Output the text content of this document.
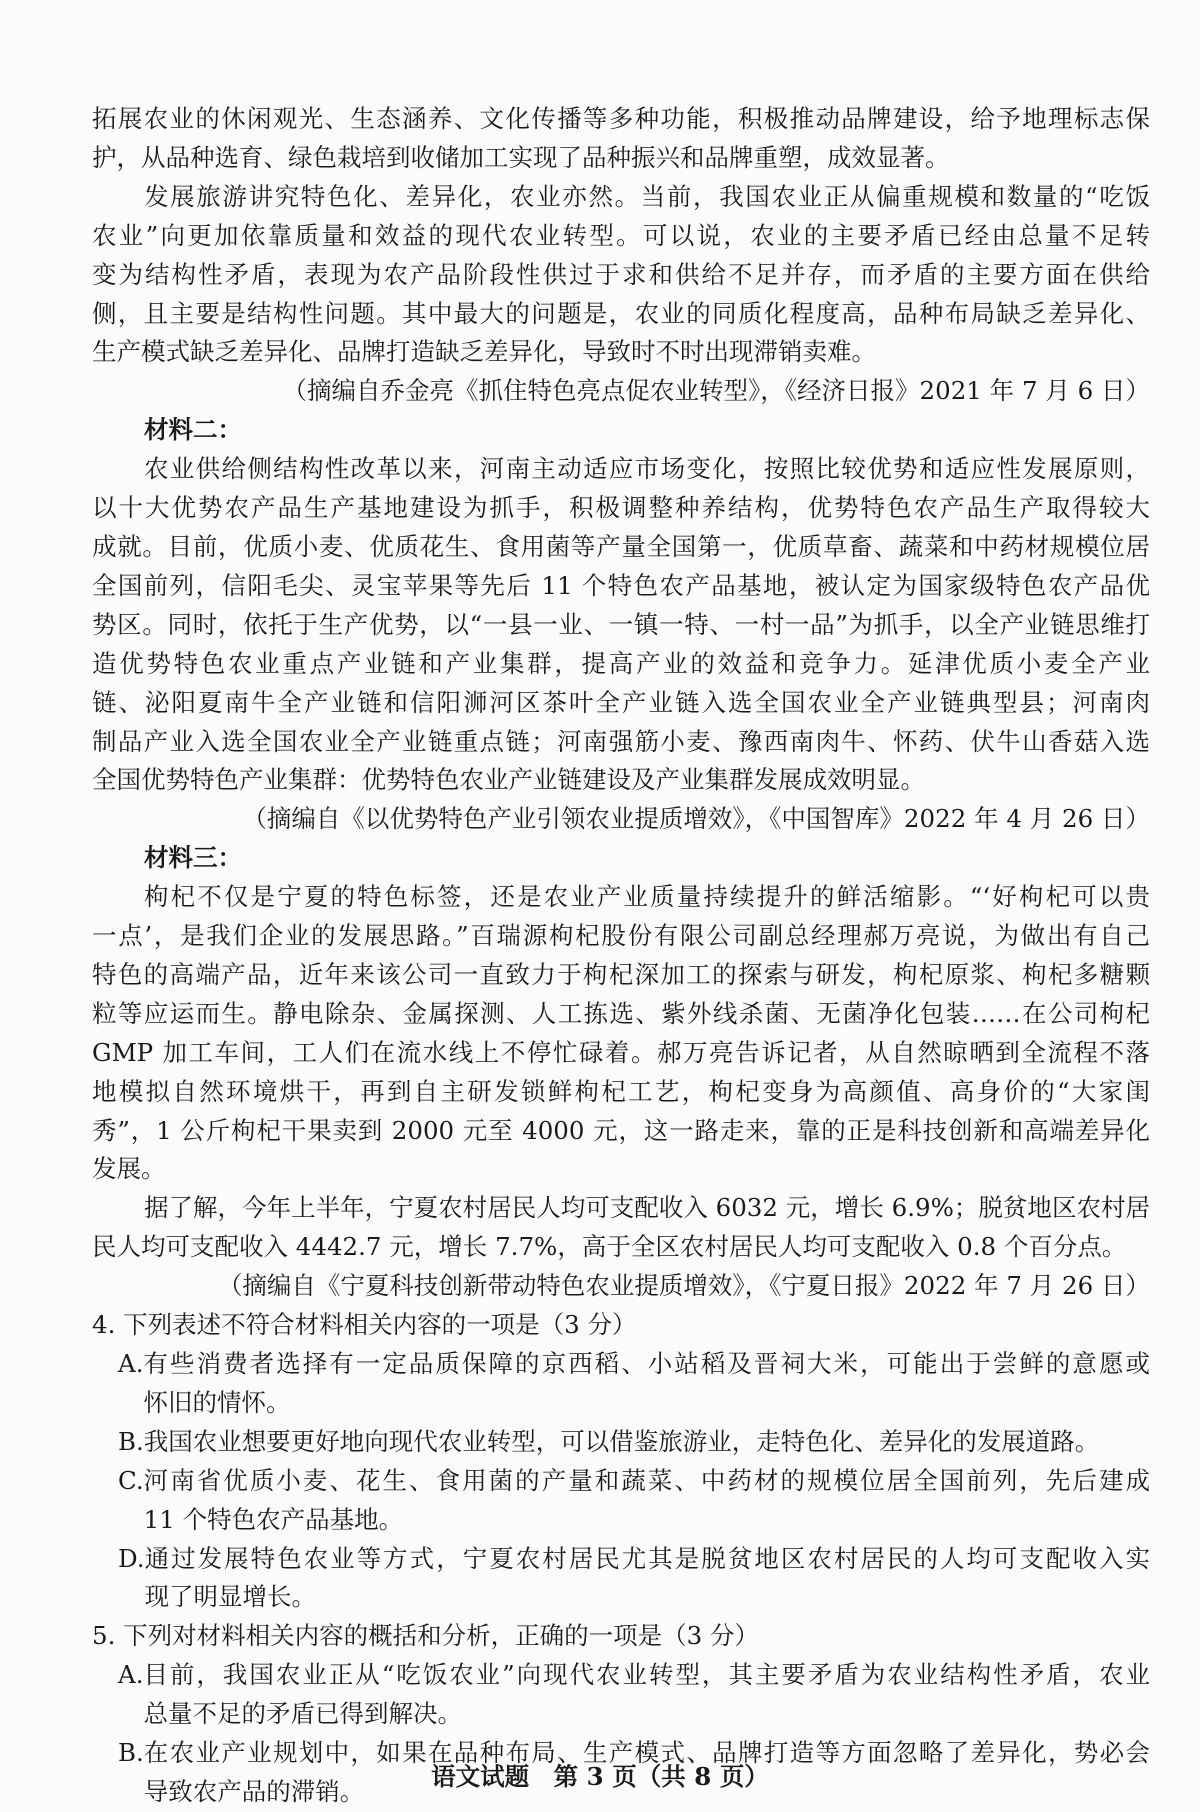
拓展农业的休闲观光、生态涵养、文化传播等多种功能，积极推动品牌建设，给予地理标志保

护，从品种选育、绿色栽培到收储加工实现了品种振兴和品牌重塑，成效显著。

发展旅游讲究特色化、差异化，农业亦然。当前，我国农业正从偏重规模和数量的“吃饭

农业”向更加依靠质量和效益的现代农业转型。可以说，农业的主要矛盾已经由总量不足转

变为结构性矛盾，表现为农产品阶段性供过于求和供给不足并存，而矛盾的主要方面在供给

侧，且主要是结构性问题。其中最大的问题是，农业的同质化程度高，品种布局缺乏差异化、

生产模式缺乏差异化、品牌打造缺乏差异化，导致时不时出现滞销卖难。

（摘编自乔金亮《抓住特色亮点促农业转型》，《经济日报》2021 年 7 月 6 日）

材料二：

农业供给侧结构性改革以来，河南主动适应市场变化，按照比较优势和适应性发展原则，

以十大优势农产品生产基地建设为抓手，积极调整种养结构，优势特色农产品生产取得较大

成就。目前，优质小麦、优质花生、食用菌等产量全国第一，优质草畜、蔬菜和中药材规模位居

全国前列，信阳毛尖、灵宝苹果等先后 11 个特色农产品基地，被认定为国家级特色农产品优

势区。同时，依托于生产优势，以“一县一业、一镇一特、一村一品”为抓手，以全产业链思维打

造优势特色农业重点产业链和产业集群，提高产业的效益和竞争力。延津优质小麦全产业

链、泌阳夏南牛全产业链和信阳浉河区茶叶全产业链入选全国农业全产业链典型县；河南肉

制品产业入选全国农业全产业链重点链；河南强筋小麦、豫西南肉牛、怀药、伏牛山香菇入选

全国优势特色产业集群：优势特色农业产业链建设及产业集群发展成效明显。

（摘编自《以优势特色产业引领农业提质增效》，《中国智库》2022 年 4 月 26 日）

材料三：

枸杞不仅是宁夏的特色标签，还是农业产业质量持续提升的鲜活缩影。“‘好枸杞可以贵

一点’，是我们企业的发展思路。”百瑞源枸杞股份有限公司副总经理郝万亮说，为做出有自己

特色的高端产品，近年来该公司一直致力于枸杞深加工的探索与研发，枸杞原浆、枸杞多糖颗

粒等应运而生。静电除杂、金属探测、人工拣选、紫外线杀菌、无菌净化包装……在公司枸杞

GMP 加工车间，工人们在流水线上不停忙碌着。郝万亮告诉记者，从自然晾晒到全流程不落

地模拟自然环境烘干，再到自主研发锁鲜枸杞工艺，枸杞变身为高颜值、高身价的“大家闺

秀”，1 公斤枸杞干果卖到 2000 元至 4000 元，这一路走来，靠的正是科技创新和高端差异化

发展。

据了解，今年上半年，宁夏农村居民人均可支配收入 6032 元，增长 6.9%；脱贫地区农村居

民人均可支配收入 4442.7 元，增长 7.7%，高于全区农村居民人均可支配收入 0.8 个百分点。

（摘编自《宁夏科技创新带动特色农业提质增效》，《宁夏日报》2022 年 7 月 26 日）

4. 下列表述不符合材料相关内容的一项是（3 分）

A. 有些消费者选择有一定品质保障的京西稻、小站稻及晋祠大米，可能出于尝鲜的意愿或

怀旧的情怀。

B. 我国农业想要更好地向现代农业转型，可以借鉴旅游业，走特色化、差异化的发展道路。

C. 河南省优质小麦、花生、食用菌的产量和蔬菜、中药材的规模位居全国前列，先后建成

11 个特色农产品基地。

D. 通过发展特色农业等方式，宁夏农村居民尤其是脱贫地区农村居民的人均可支配收入实

现了明显增长。

5. 下列对材料相关内容的概括和分析，正确的一项是（3 分）

A. 目前，我国农业正从“吃饭农业”向现代农业转型，其主要矛盾为农业结构性矛盾，农业

总量不足的矛盾已得到解决。

B. 在农业产业规划中，如果在品种布局、生产模式、品牌打造等方面忽略了差异化，势必会

导致农产品的滞销。

语文试题　第 3 页（共 8 页）
